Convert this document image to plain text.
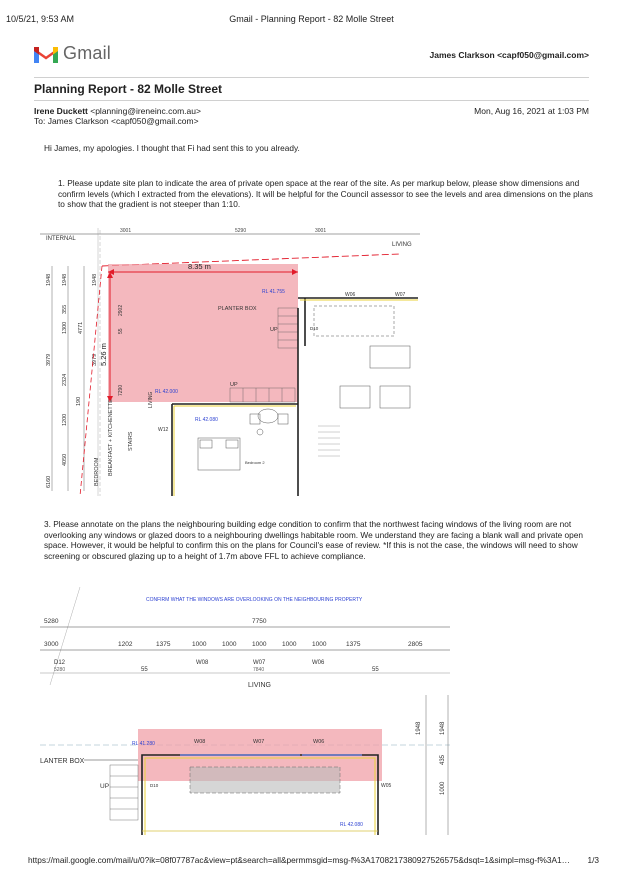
10/5/21, 9:53 AM	Gmail - Planning Report - 82 Molle Street
Gmail	James Clarkson <capf050@gmail.com>
Planning Report - 82 Molle Street
Irene Duckett <planning@ireneinc.com.au>	Mon, Aug 16, 2021 at 1:03 PM
To: James Clarkson <capf050@gmail.com>
Hi James, my apologies. I thought that Fi had sent this to you already.
1. Please update site plan to indicate the area of private open space at the rear of the site. As per markup below, please show dimensions and confirm levels (which I extracted from the elevations). It will be helpful for the Council assessor to see the levels and area dimensions on the plans to show that the gradient is not steeper than 1:10.
3001	5290	3001
INTERNAL
LIVING
1948 1948	1948
3979
1300
355
3979
2324
1200
190
4050
6160
4771
8.35 m
5.26 m
2902
55
7290
LIVING
RL 41.755
RL 42.000
PLANTER BOX
UP
UP
W06	W07
W12
D10
RL 42.080
Bedroom 2
BREAKFAST + KITCHENETTE
BEDROOM
STAIRS
3. Please annotate on the plans the neighbouring building edge condition to confirm that the northwest facing windows of the living room are not overlooking any windows or glazed doors to a neighbouring dwellings habitable room. We understand they are facing a blank wall and private open space. However, it would be helpful to confirm this on the plans for Council's ease of review. *If this is not the case, the windows will need to show screening or obscured glazing up to a height of 1.7m above FFL to achieve compliance.
CONFIRM WHAT THE WINDOWS ARE OVERLOOKING ON THE NEIGHBOURING PROPERTY
5280	7750
3000	1202	1375	1000 1000 1000 1000 1000	1375	2805
D12
5280	55
W08	W07
7840
W06
55
LIVING
1948	1948
1000
435
RL 41.280	W08	W07	W06
LANTER BOX
UP	D10	W05
RL 42.080
https://mail.google.com/mail/u/0?ik=08f07787ac&view=pt&search=all&permmsgid=msg-f%3A1708217380927526575&dsqt=1&simpl=msg-f%3A1… 1/3
